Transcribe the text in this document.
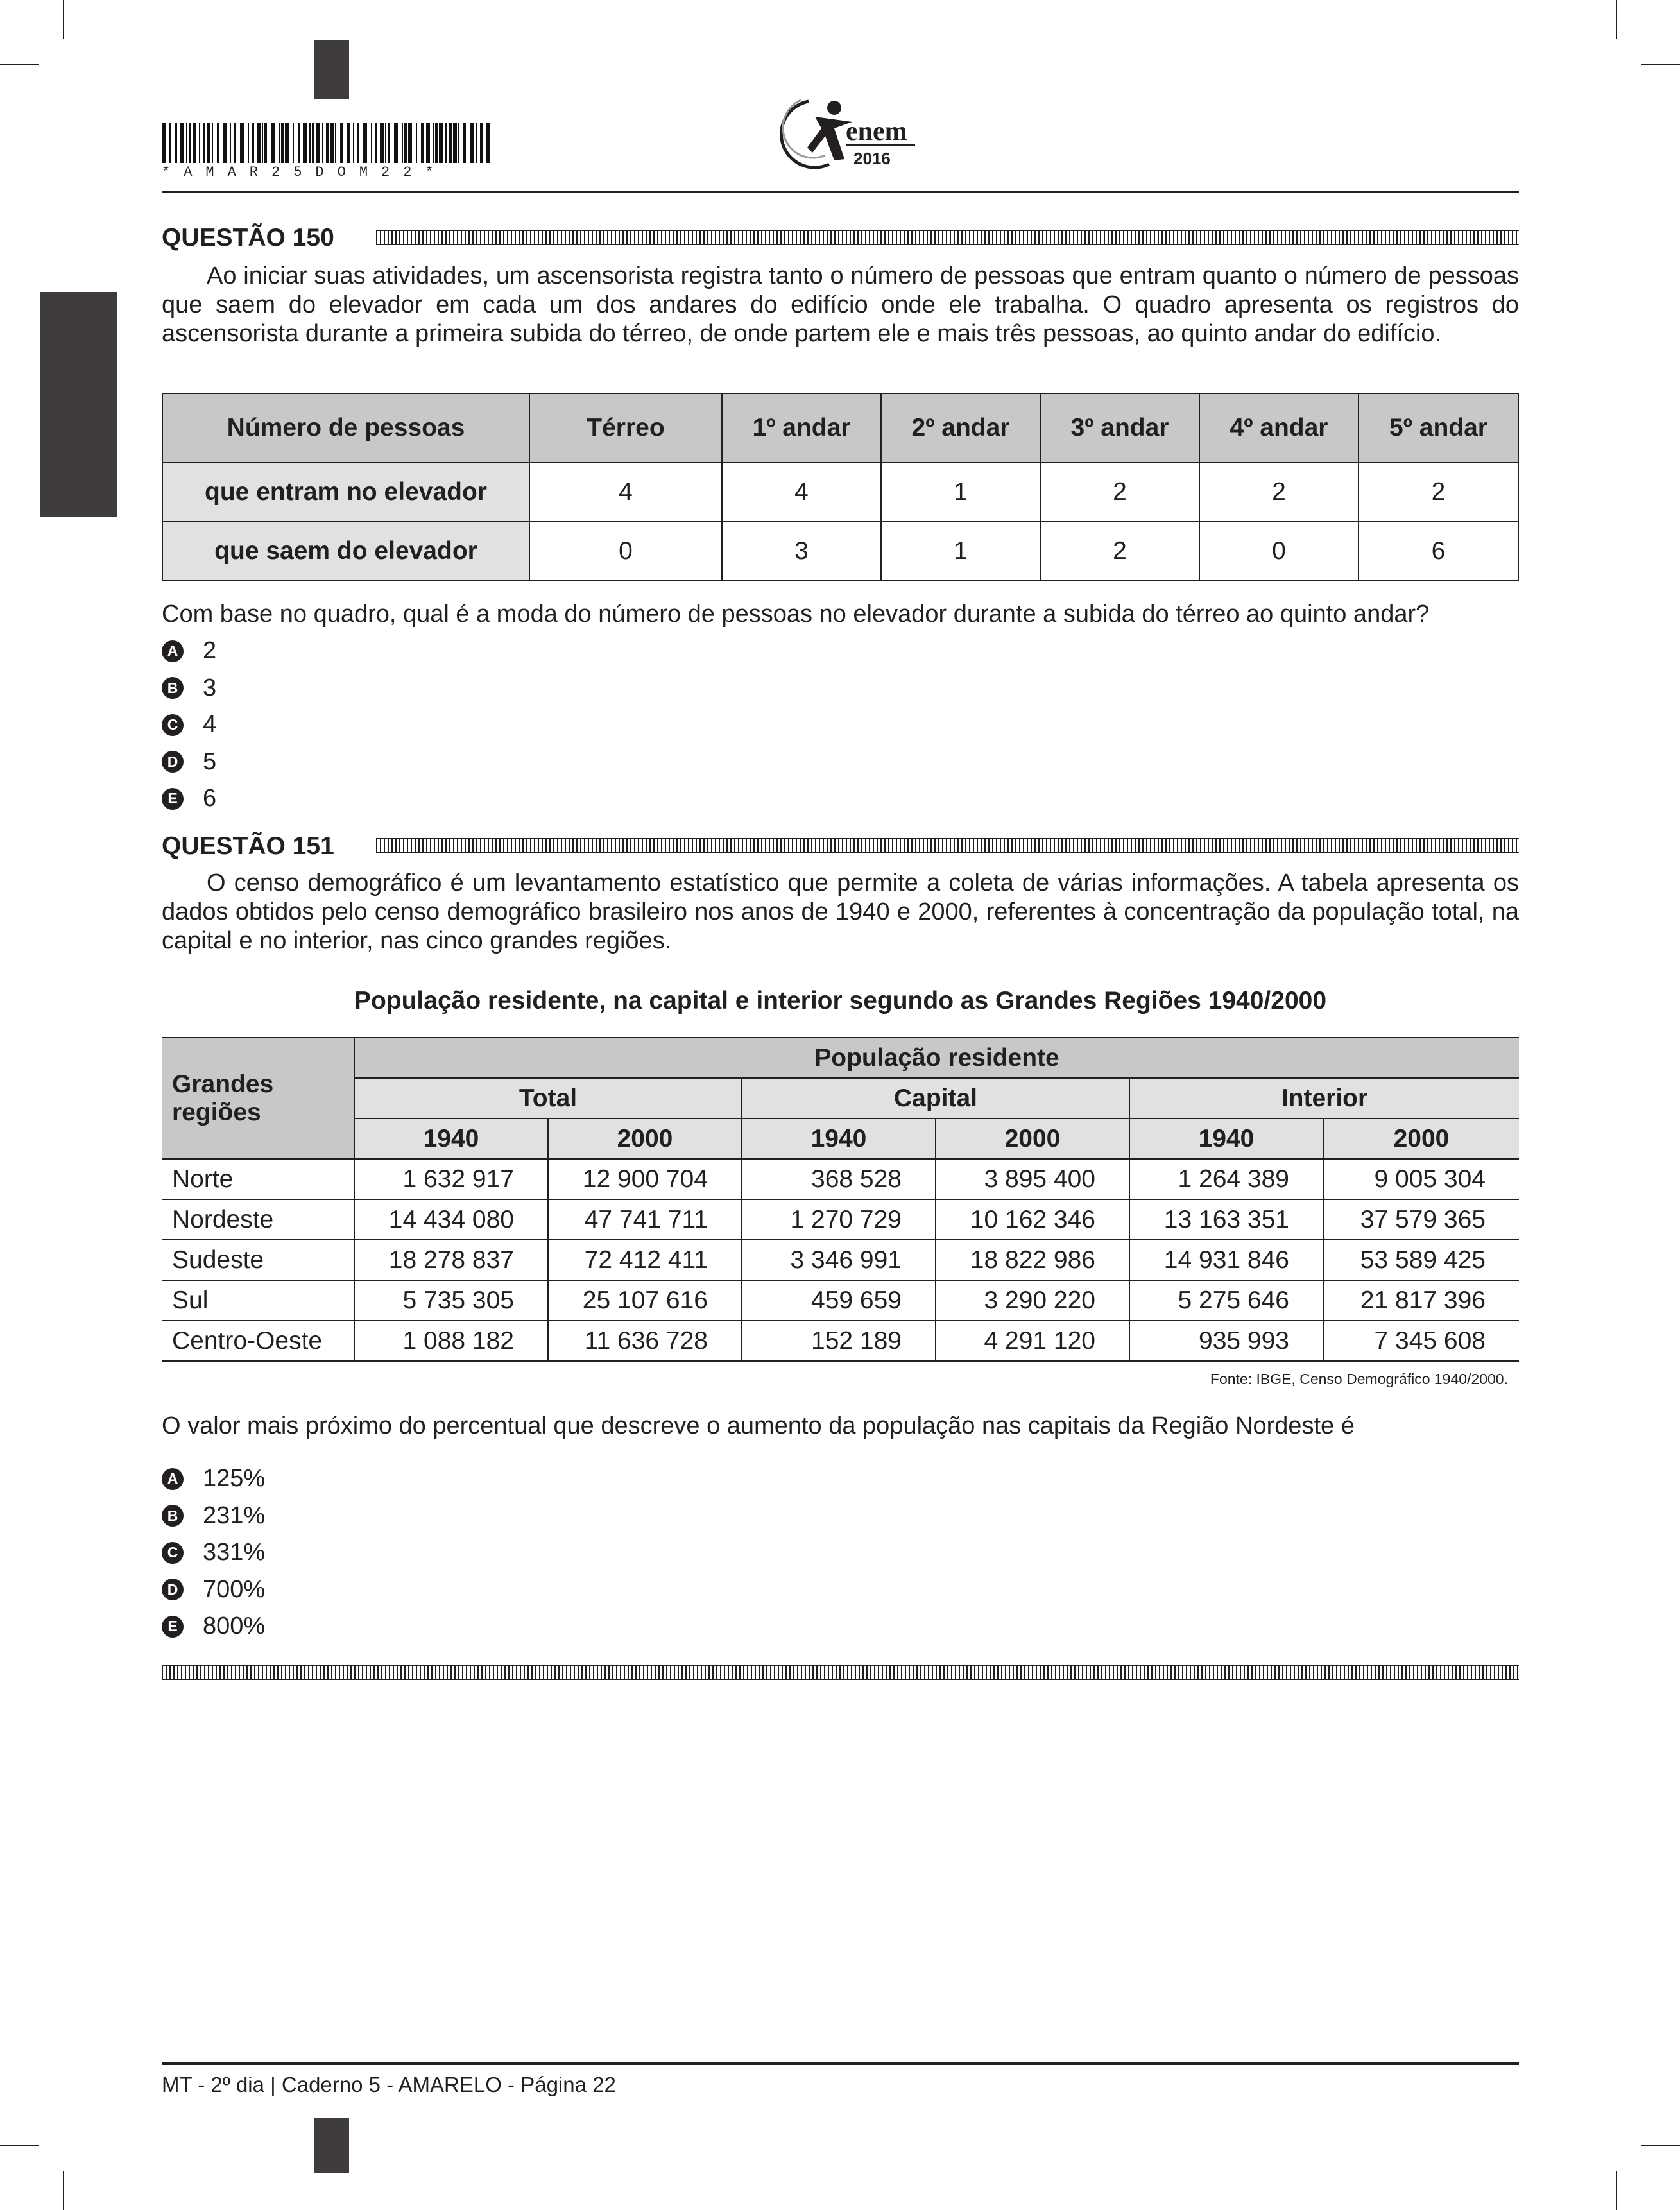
*AMAR25DOM22*
enem
2016
QUESTÃO 150

Ao iniciar suas atividades, um ascensorista registra tanto o número de pessoas que entram quanto o número de pessoas que saem do elevador em cada um dos andares do edifício onde ele trabalha. O quadro apresenta os registros do ascensorista durante a primeira subida do térreo, de onde partem ele e mais três pessoas, ao quinto andar do edifício.

Número de pessoas	Térreo	1º andar	2º andar	3º andar	4º andar	5º andar
que entram no elevador	4	4	1	2	2	2
que saem do elevador	0	3	1	2	0	6

Com base no quadro, qual é a moda do número de pessoas no elevador durante a subida do térreo ao quinto andar?

A 2
B 3
C 4
D 5
E 6
QUESTÃO 151

O censo demográfico é um levantamento estatístico que permite a coleta de várias informações. A tabela apresenta os dados obtidos pelo censo demográfico brasileiro nos anos de 1940 e 2000, referentes à concentração da população total, na capital e no interior, nas cinco grandes regiões.

População residente, na capital e interior segundo as Grandes Regiões 1940/2000
Grandes regiões	População residente					
	Total		Capital		Interior	
	1940	2000	1940	2000	1940	2000
Norte	1 632 917	12 900 704	368 528	3 895 400	1 264 389	9 005 304
Nordeste	14 434 080	47 741 711	1 270 729	10 162 346	13 163 351	37 579 365
Sudeste	18 278 837	72 412 411	3 346 991	18 822 986	14 931 846	53 589 425
Sul	5 735 305	25 107 616	459 659	3 290 220	5 275 646	21 817 396
Centro-Oeste	1 088 182	11 636 728	152 189	4 291 120	935 993	7 345 608
Fonte: IBGE, Censo Demográfico 1940/2000.

O valor mais próximo do percentual que descreve o aumento da população nas capitais da Região Nordeste é

A 125%
B 231%
C 331%
D 700%
E 800%
MT - 2º dia | Caderno 5 - AMARELO - Página 22
